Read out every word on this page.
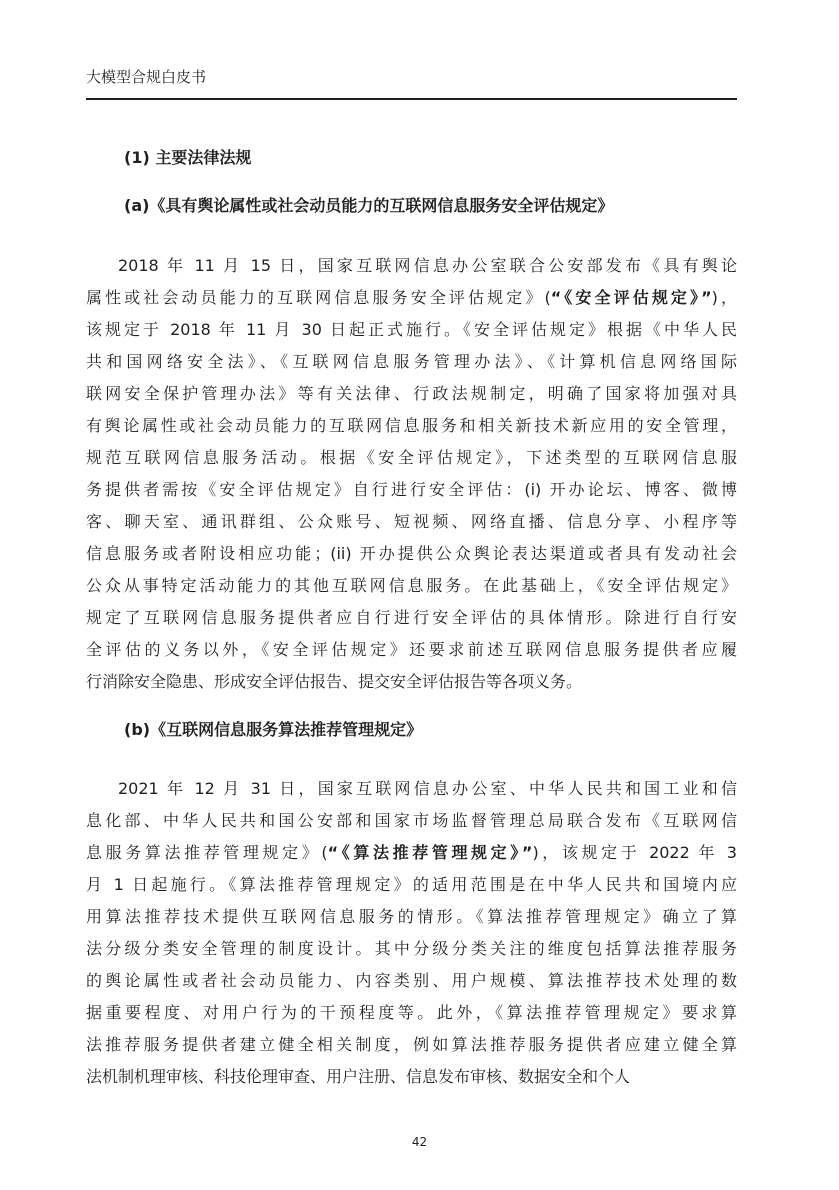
大模型合规白皮书
(1) 主要法律法规
(a)《具有舆论属性或社会动员能力的互联网信息服务安全评估规定》
2018 年 11 月 15 日，国家互联网信息办公室联合公安部发布《具有舆论
属性或社会动员能力的互联网信息服务安全评估规定》(“《安全评估规定》”)，
该规定于 2018 年 11 月 30 日起正式施行。《安全评估规定》根据《中华人民
共和国网络安全法》、《互联网信息服务管理办法》、《计算机信息网络国际
联网安全保护管理办法》等有关法律、行政法规制定，明确了国家将加强对具
有舆论属性或社会动员能力的互联网信息服务和相关新技术新应用的安全管理，
规范互联网信息服务活动。根据《安全评估规定》，下述类型的互联网信息服
务提供者需按《安全评估规定》自行进行安全评估：(i) 开办论坛、博客、微博
客、聊天室、通讯群组、公众账号、短视频、网络直播、信息分享、小程序等
信息服务或者附设相应功能；(ii) 开办提供公众舆论表达渠道或者具有发动社会
公众从事特定活动能力的其他互联网信息服务。在此基础上，《安全评估规定》
规定了互联网信息服务提供者应自行进行安全评估的具体情形。除进行自行安
全评估的义务以外，《安全评估规定》还要求前述互联网信息服务提供者应履
行消除安全隐患、形成安全评估报告、提交安全评估报告等各项义务。
(b)《互联网信息服务算法推荐管理规定》
2021 年 12 月 31 日，国家互联网信息办公室、中华人民共和国工业和信
息化部、中华人民共和国公安部和国家市场监督管理总局联合发布《互联网信
息服务算法推荐管理规定》(“《算法推荐管理规定》”)，该规定于 2022 年 3
月 1 日起施行。《算法推荐管理规定》的适用范围是在中华人民共和国境内应
用算法推荐技术提供互联网信息服务的情形。《算法推荐管理规定》确立了算
法分级分类安全管理的制度设计。其中分级分类关注的维度包括算法推荐服务
的舆论属性或者社会动员能力、内容类别、用户规模、算法推荐技术处理的数
据重要程度、对用户行为的干预程度等。此外，《算法推荐管理规定》要求算
法推荐服务提供者建立健全相关制度，例如算法推荐服务提供者应建立健全算
法机制机理审核、科技伦理审查、用户注册、信息发布审核、数据安全和个人
42
